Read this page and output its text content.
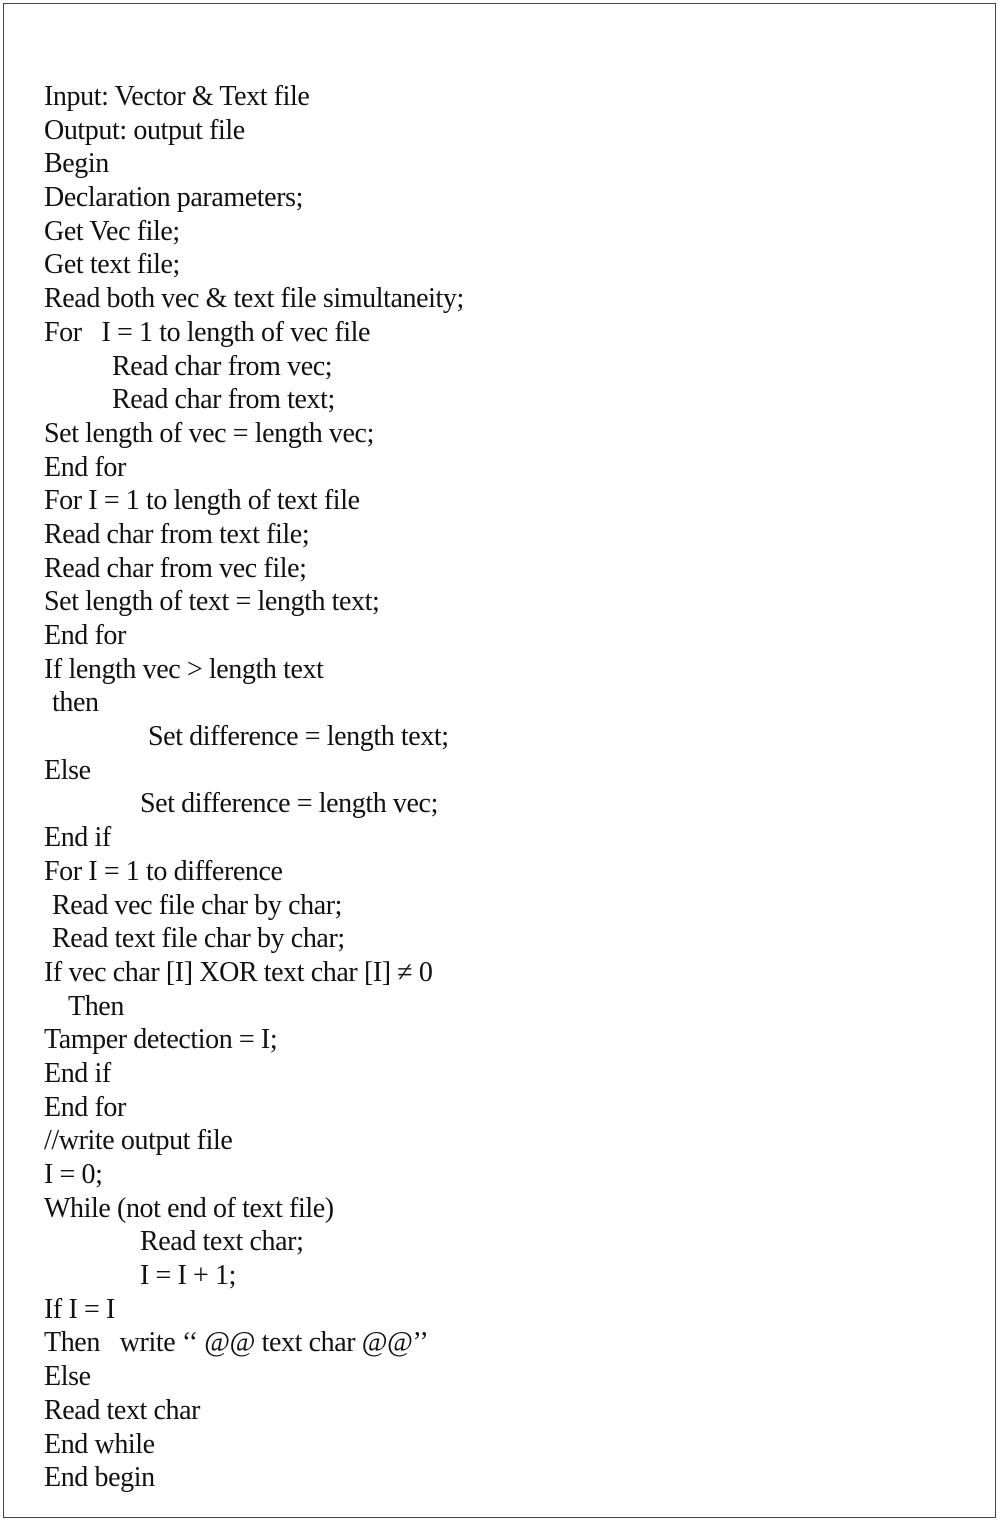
Input: Vector & Text file
Output: output file
Begin
Declaration parameters;
Get Vec file;
Get text file;
Read both vec & text file simultaneity;
For   I = 1 to length of vec file
Read char from vec;
Read char from text;
Set length of vec = length vec;
End for
For I = 1 to length of text file
Read char from text file;
Read char from vec file;
Set length of text = length text;
End for
If length vec > length text
then
Set difference = length text;
Else
Set difference = length vec;
End if
For I = 1 to difference
Read vec file char by char;
Read text file char by char;
If vec char [I] XOR text char [I] ≠ 0
Then
Tamper detection = I;
End if
End for
//write output file
I = 0;
While (not end of text file)
Read text char;
I = I + 1;
If I = I
Then   write ‘‘ @@ text char @@’’
Else
Read text char
End while
End begin
